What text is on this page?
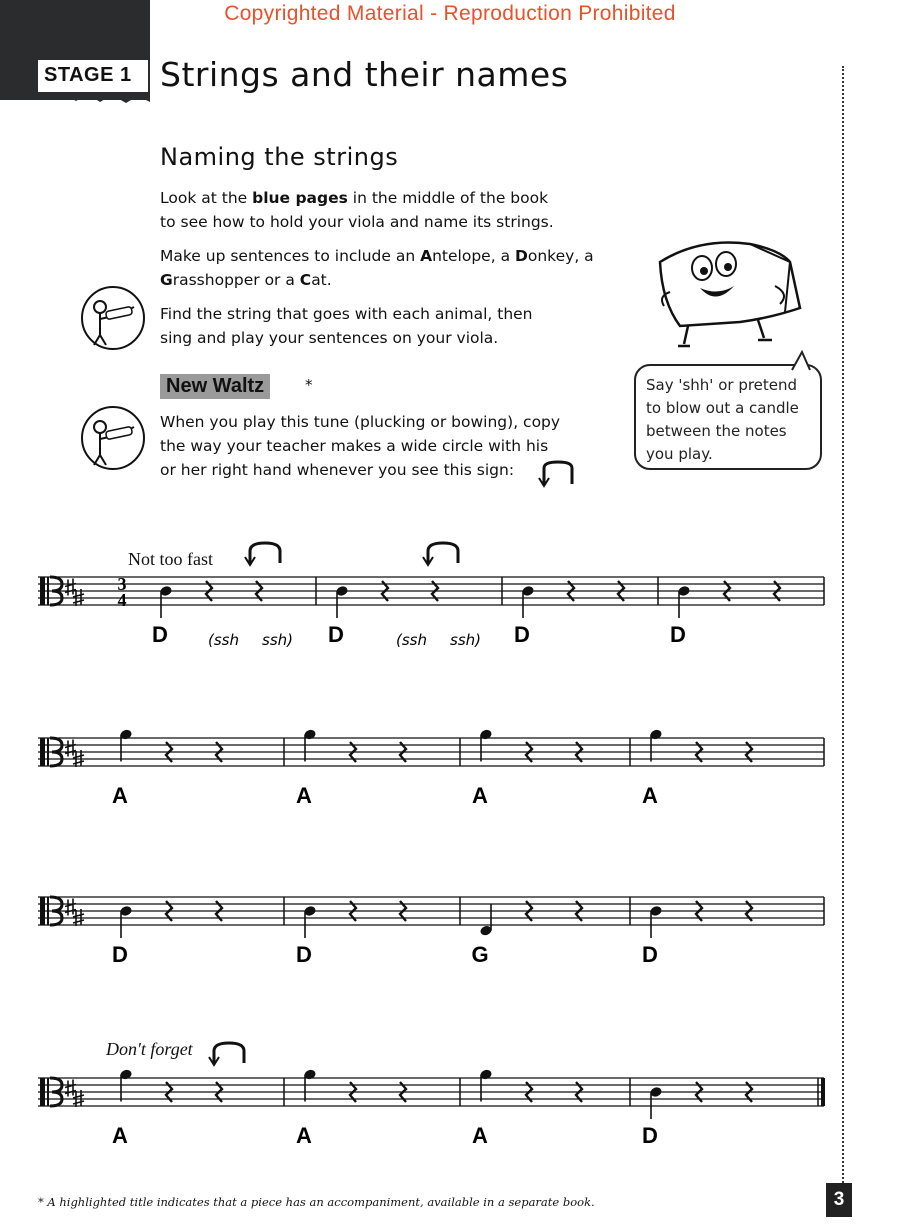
Copyrighted Material - Reproduction Prohibited
STAGE 1 Strings and their names
Naming the strings
Look at the blue pages in the middle of the book
to see how to hold your viola and name its strings.
Make up sentences to include an Antelope, a Donkey, a
Grasshopper or a Cat.
Find the string that goes with each animal, then
sing and play your sentences on your viola.
New Waltz	*
When you play this tune (plucking or bowing), copy
the way your teacher makes a wide circle with his
or her right hand whenever you see this sign:
Say 'shh' or pretend
to blow out a candle
between the notes
you play.
Not too fast
Don't forget
3
4
D	D	D	D
(ssh ssh)	(ssh ssh)
A	A	A	A
D	D	G	D
A	A	A	D
* A highlighted title indicates that a piece has an accompaniment, available in a separate book.	3
